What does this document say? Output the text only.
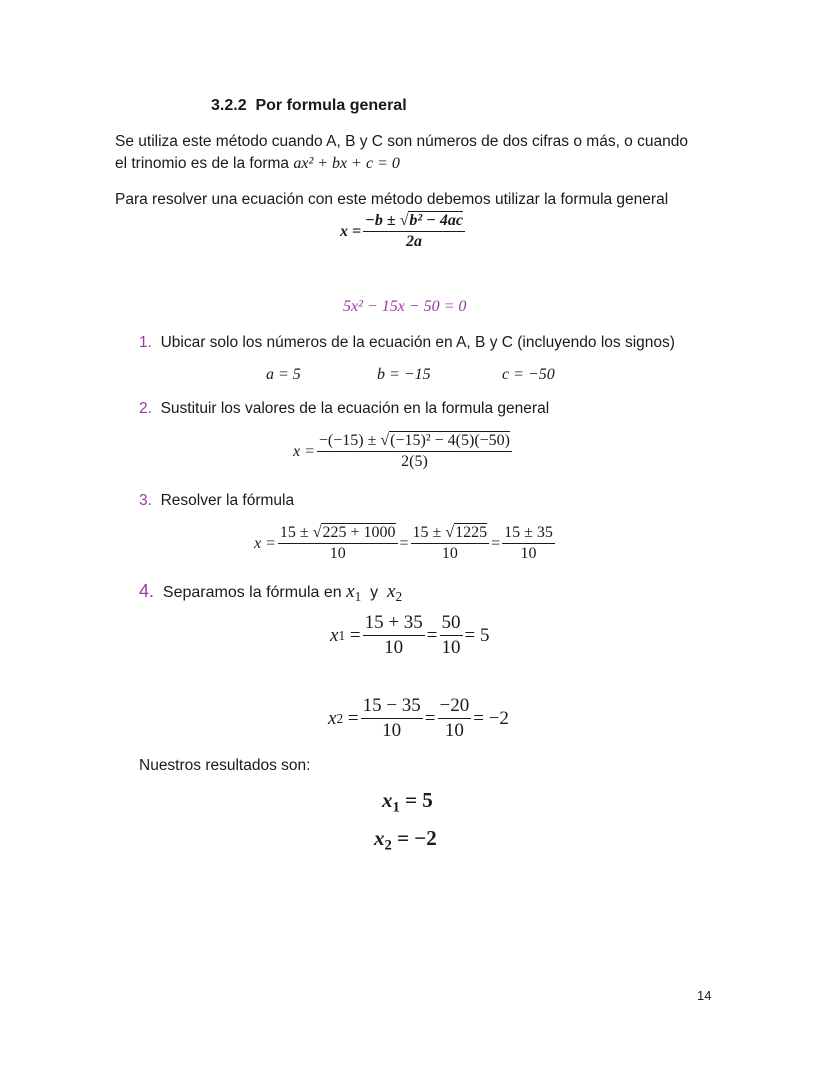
3.2.2 Por formula general
Se utiliza este método cuando A, B y C son números de dos cifras o más, o cuando
el trinomio es de la forma ax² + bx + c = 0
Para resolver una ecuación con este método debemos utilizar la formula general
$x = \frac{\text{−b ± √b² − 4ac}}{2a}$
5x² − 15x − 50 = 0
1. Ubicar solo los números de la ecuación en A, B y C (incluyendo los signos)
a = 5	b = −15	c = −50
2. Sustituir los valores de la ecuación en la formula general
$x = \frac{\text{−(−15) ± √(−15)² − 4(5)(−50)}}{2(5)}$
3. Resolver la fórmula
$x = \frac{15 \pm √225 + 1000}{10} = \frac{15 \pm √1225}{10} = \frac{15 \pm 35}{10}$
4. Separamos la fórmula en $x_1$ y $x_2$
x $1 = \frac{15 + 35}{10} = \frac{50}{10} = 5$
x $2 = \frac{15 - 35}{10} = \frac{-20}{10} = -2$
Nuestros resultados son:
$x_1 = 5$
$x_2 = -2$
14
